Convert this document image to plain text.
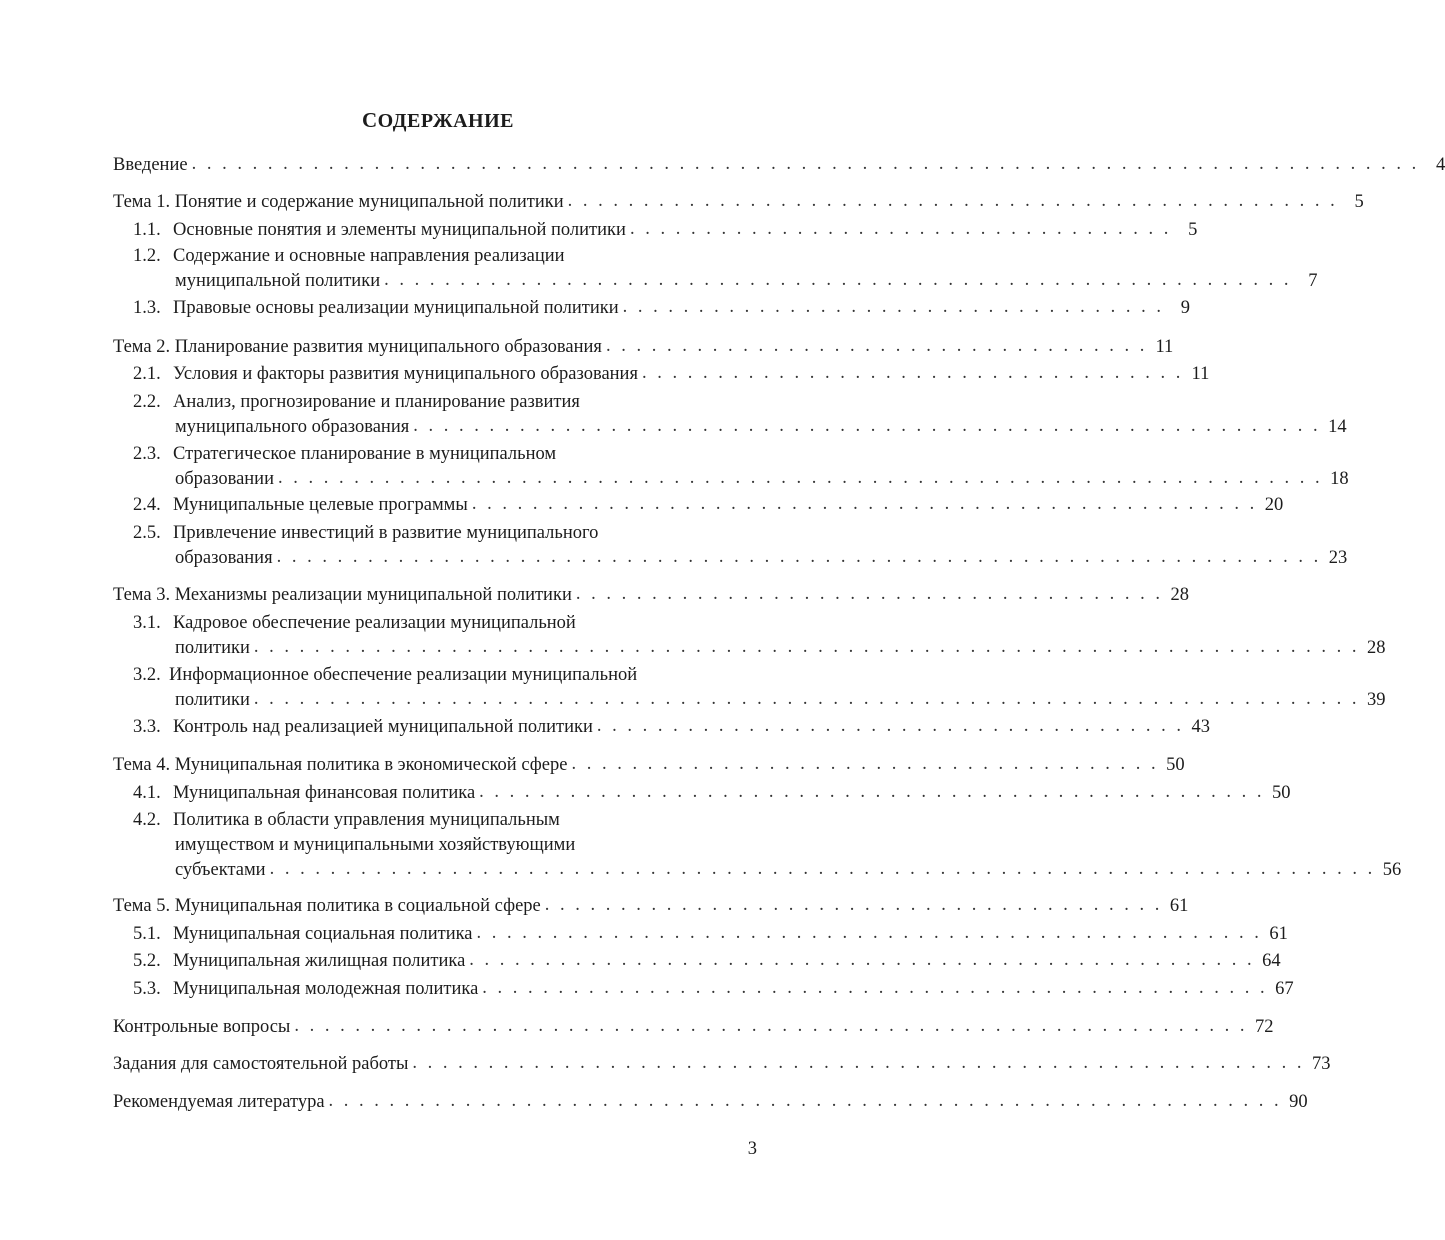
СОДЕРЖАНИЕ
Введение . . . . . . . . . . . . . . . . . . . . . . . . . . . . . . . . . . . . . . . . . . . . . . . . . . . . . . . . . . . . . . . . . . . . . . . . . . . . . . . . . 4
Тема 1. Понятие и содержание муниципальной политики . . . . . . . . . . . . . . . . . . . . . . . . . . . . . . . . . . . . . . . . . . . . . . . . . . . 5
1.1. Основные понятия и элементы муниципальной политики . . . . . . . . . . . . . . . . . . . . . . . . . . . . . . . . . . . . 5
1.2. Содержание и основные направления реализации
муниципальной политики . . . . . . . . . . . . . . . . . . . . . . . . . . . . . . . . . . . . . . . . . . . . . . . . . . . . . . . . . . . . 7
1.3. Правовые основы реализации муниципальной политики . . . . . . . . . . . . . . . . . . . . . . . . . . . . . . . . . . . . 9
Тема 2. Планирование развития муниципального образования . . . . . . . . . . . . . . . . . . . . . . . . . . . . . . . . . . . . 11
2.1. Условия и факторы развития муниципального образования . . . . . . . . . . . . . . . . . . . . . . . . . . . . . . . . . . . . 11
2.2. Анализ, прогнозирование и планирование развития
муниципального образования . . . . . . . . . . . . . . . . . . . . . . . . . . . . . . . . . . . . . . . . . . . . . . . . . . . . . . . . . . . . 14
2.3. Стратегическое планирование в муниципальном
образовании . . . . . . . . . . . . . . . . . . . . . . . . . . . . . . . . . . . . . . . . . . . . . . . . . . . . . . . . . . . . . . . . . . . . . 18
2.4. Муниципальные целевые программы . . . . . . . . . . . . . . . . . . . . . . . . . . . . . . . . . . . . . . . . . . . . . . . . . . . . 20
2.5. Привлечение инвестиций в развитие муниципального
образования . . . . . . . . . . . . . . . . . . . . . . . . . . . . . . . . . . . . . . . . . . . . . . . . . . . . . . . . . . . . . . . . . . . . . 23
Тема 3. Механизмы реализации муниципальной политики . . . . . . . . . . . . . . . . . . . . . . . . . . . . . . . . . . . . . . . 28
3.1. Кадровое обеспечение реализации муниципальной
политики . . . . . . . . . . . . . . . . . . . . . . . . . . . . . . . . . . . . . . . . . . . . . . . . . . . . . . . . . . . . . . . . . . . . . . . . . 28
3.2. Информационное обеспечение реализации муниципальной
политики . . . . . . . . . . . . . . . . . . . . . . . . . . . . . . . . . . . . . . . . . . . . . . . . . . . . . . . . . . . . . . . . . . . . . . . . . 39
3.3. Контроль над реализацией муниципальной политики . . . . . . . . . . . . . . . . . . . . . . . . . . . . . . . . . . . . . . . 43
Тема 4. Муниципальная политика в экономической сфере . . . . . . . . . . . . . . . . . . . . . . . . . . . . . . . . . . . . . . . 50
4.1. Муниципальная финансовая политика . . . . . . . . . . . . . . . . . . . . . . . . . . . . . . . . . . . . . . . . . . . . . . . . . . . . 50
4.2. Политика в области управления муниципальным
имуществом и муниципальными хозяйствующими
субъектами . . . . . . . . . . . . . . . . . . . . . . . . . . . . . . . . . . . . . . . . . . . . . . . . . . . . . . . . . . . . . . . . . . . . . . . . . 56
Тема 5. Муниципальная политика в социальной сфере . . . . . . . . . . . . . . . . . . . . . . . . . . . . . . . . . . . . . . . . . 61
5.1. Муниципальная социальная политика . . . . . . . . . . . . . . . . . . . . . . . . . . . . . . . . . . . . . . . . . . . . . . . . . . . . 61
5.2. Муниципальная жилищная политика . . . . . . . . . . . . . . . . . . . . . . . . . . . . . . . . . . . . . . . . . . . . . . . . . . . . 64
5.3. Муниципальная молодежная политика . . . . . . . . . . . . . . . . . . . . . . . . . . . . . . . . . . . . . . . . . . . . . . . . . . . . 67
Контрольные вопросы . . . . . . . . . . . . . . . . . . . . . . . . . . . . . . . . . . . . . . . . . . . . . . . . . . . . . . . . . . . . . . . 72
Задания для самостоятельной работы . . . . . . . . . . . . . . . . . . . . . . . . . . . . . . . . . . . . . . . . . . . . . . . . . . . . . . . . . . . 73
Рекомендуемая литература . . . . . . . . . . . . . . . . . . . . . . . . . . . . . . . . . . . . . . . . . . . . . . . . . . . . . . . . . . . . . . . 90
3
